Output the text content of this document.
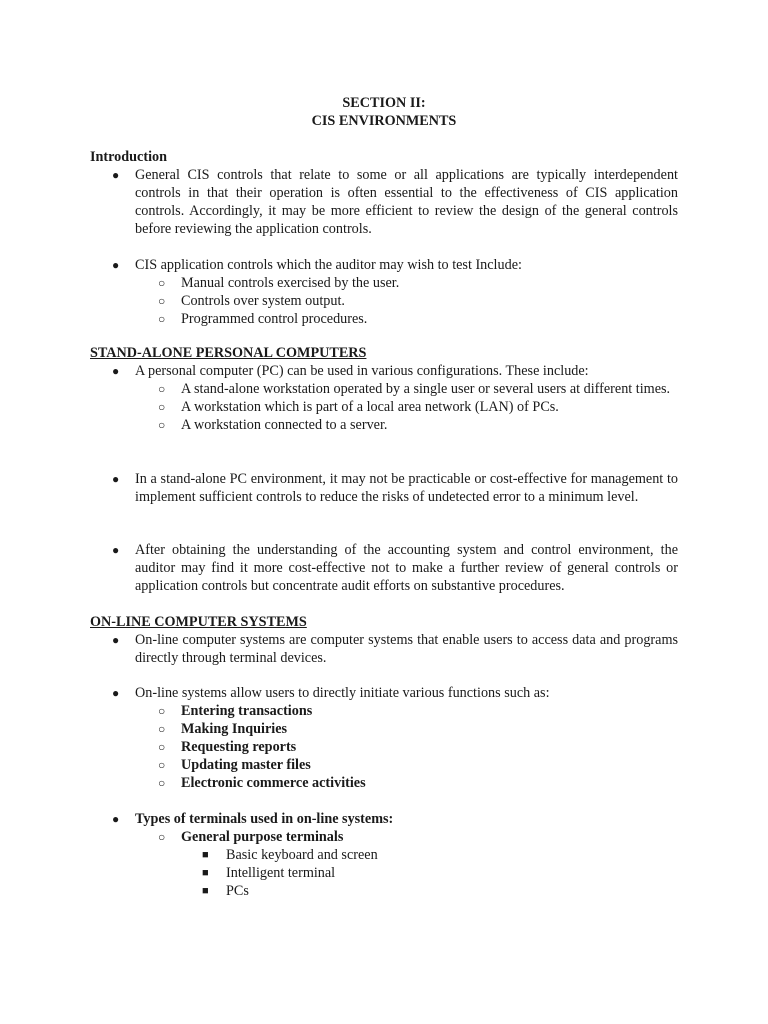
SECTION II:
CIS ENVIRONMENTS
Introduction
● General CIS controls that relate to some or all applications are typically interdependent controls in that their operation is often essential to the effectiveness of CIS application controls. Accordingly, it may be more efficient to review the design of the general controls before reviewing the application controls.
● CIS application controls which the auditor may wish to test Include:
○ Manual controls exercised by the user.
○ Controls over system output.
○ Programmed control procedures.
STAND-ALONE PERSONAL COMPUTERS
● A personal computer (PC) can be used in various configurations. These include:
○ A stand-alone workstation operated by a single user or several users at different times.
○ A workstation which is part of a local area network (LAN) of PCs.
○ A workstation connected to a server.
● In a stand-alone PC environment, it may not be practicable or cost-effective for management to implement sufficient controls to reduce the risks of undetected error to a minimum level.
● After obtaining the understanding of the accounting system and control environment, the auditor may find it more cost-effective not to make a further review of general controls or application controls but concentrate audit efforts on substantive procedures.
ON-LINE COMPUTER SYSTEMS
● On-line computer systems are computer systems that enable users to access data and programs directly through terminal devices.
● On-line systems allow users to directly initiate various functions such as:
○ Entering transactions
○ Making Inquiries
○ Requesting reports
○ Updating master files
○ Electronic commerce activities
● Types of terminals used in on-line systems:
○ General purpose terminals
■ Basic keyboard and screen
■ Intelligent terminal
■ PCs
